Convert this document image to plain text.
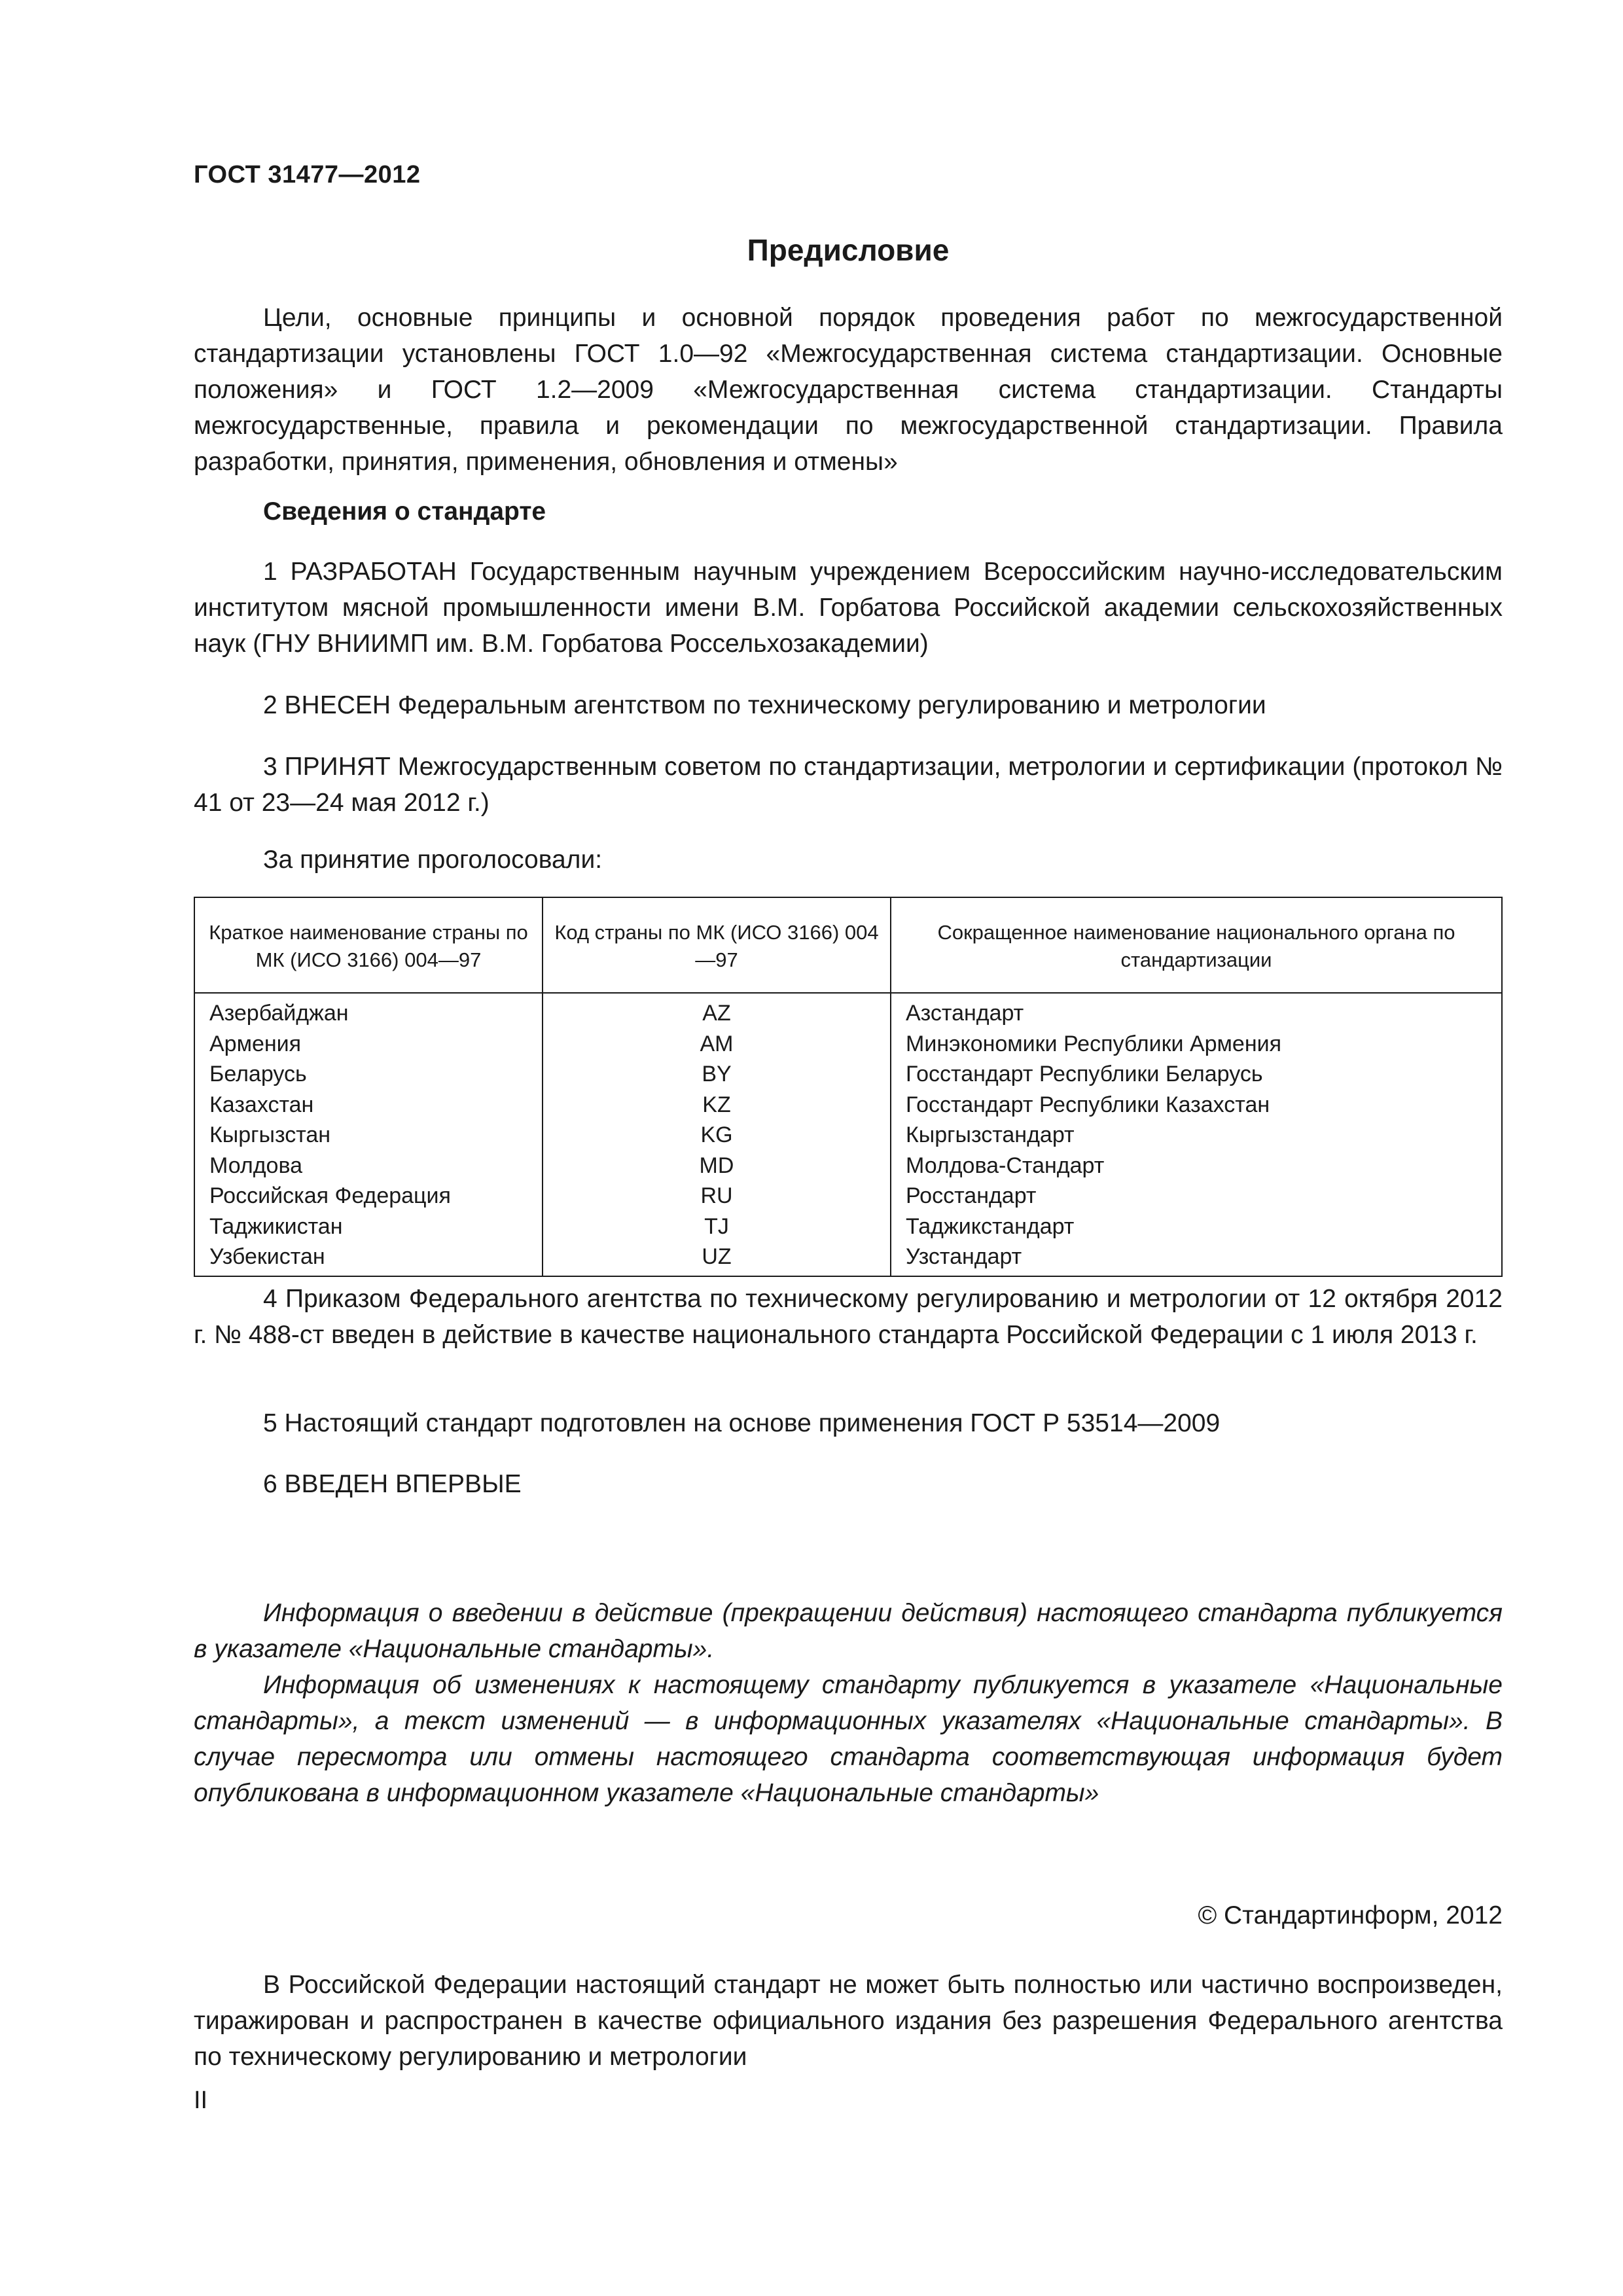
ГОСТ 31477—2012
Предисловие

Цели, основные принципы и основной порядок проведения работ по межгосударственной стандартизации установлены ГОСТ 1.0—92 «Межгосударственная система стандартизации. Основные положения» и ГОСТ 1.2—2009 «Межгосударственная система стандартизации. Стандарты межгосударственные, правила и рекомендации по межгосударственной стандартизации. Правила разработки, принятия, применения, обновления и отмены»

Сведения о стандарте

1 РАЗРАБОТАН Государственным научным учреждением Всероссийским научно-исследовательским институтом мясной промышленности имени В.М. Горбатова Российской академии сельскохозяйственных наук (ГНУ ВНИИМП им. В.М. Горбатова Россельхозакадемии)

2 ВНЕСЕН Федеральным агентством по техническому регулированию и метрологии

3 ПРИНЯТ Межгосударственным советом по стандартизации, метрологии и сертификации (протокол № 41 от 23—24 мая 2012 г.)

За принятие проголосовали:
Краткое наименование страны по МК (ИСО 3166) 004—97	Код страны по МК (ИСО 3166) 004—97	Сокращенное наименование национального органа по стандартизации
Азербайджан	AZ	Азстандарт
Армения	AM	Минэкономики Республики Армения
Беларусь	BY	Госстандарт Республики Беларусь
Казахстан	KZ	Госстандарт Республики Казахстан
Кыргызстан	KG	Кыргызстандарт
Молдова	MD	Молдова-Стандарт
Российская Федерация	RU	Росстандарт
Таджикистан	TJ	Таджикстандарт
Узбекистан	UZ	Узстандарт

4 Приказом Федерального агентства по техническому регулированию и метрологии от 12 октября 2012 г. № 488-ст введен в действие в качестве национального стандарта Российской Федерации с 1 июля 2013 г.

5 Настоящий стандарт подготовлен на основе применения ГОСТ Р 53514—2009
6 ВВЕДЕН ВПЕРВЫЕ

Информация о введении в действие (прекращении действия) настоящего стандарта публикуется в указателе «Национальные стандарты».

Информация об изменениях к настоящему стандарту публикуется в указателе «Национальные стандарты», а текст изменений — в информационных указателях «Национальные стандарты». В случае пересмотра или отмены настоящего стандарта соответствующая информация будет опубликована в информационном указателе «Национальные стандарты»

© Стандартинформ, 2012

В Российской Федерации настоящий стандарт не может быть полностью или частично воспроизведен, тиражирован и распространен в качестве официального издания без разрешения Федерального агентства по техническому регулированию и метрологии

II
